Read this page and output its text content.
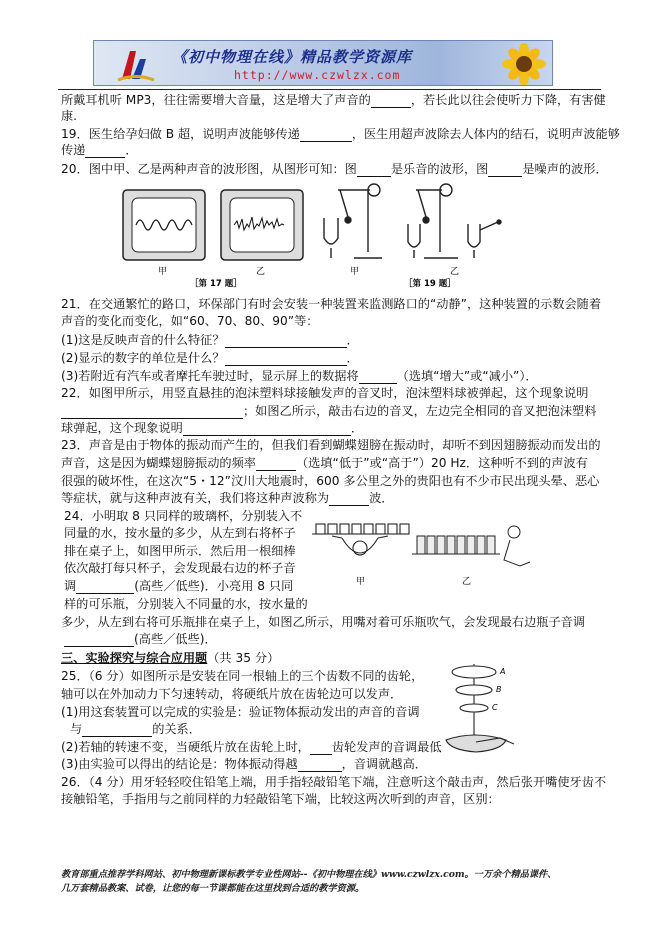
《初中物理在线》精品教学资源库
http://www.czwlzx.com
所戴耳机听 MP3，往往需要增大音量，这是增大了声音的	，若长此以往会使听力下降，有害健
康.
19．医生给孕妇做 B 超，说明声波能够传递	，医生用超声波除去人体内的结石，说明声波能够
传递	．
20．图中甲、乙是两种声音的波形图，从图形可知：图	是乐音的波形，图	是噪声的波形．
甲	乙
［第 17 题］
甲	乙
［第 19 题］
21．在交通繁忙的路口，环保部门有时会安装一种装置来监测路口的“动静”，这种装置的示数会随着
声音的变化而变化，如“60、70、80、90”等：
(1)这是反映声音的什么特征？	．
(2)显示的数字的单位是什么？	．
(3)若附近有汽车或者摩托车驶过时，显示屏上的数据将	（选填“增大”或“减小”）．
22．如图甲所示，用竖直悬挂的泡沫塑料球接触发声的音叉时，泡沫塑料球被弹起，这个现象说明
；如图乙所示，敲击右边的音叉，左边完全相同的音叉把泡沫塑料
球弹起，这个现象说明	．
23．声音是由于物体的振动而产生的，但我们看到蝴蝶翅膀在振动时，却听不到因翅膀振动而发出的
声音，这是因为蝴蝶翅膀振动的频率	（选填“低于”或“高于”）20 Hz．这种听不到的声波有
很强的破坏性，在这次“5・12”汶川大地震时，600 多公里之外的贵阳也有不少市民出现头晕、恶心
等症状，就与这种声波有关，我们将这种声波称为	波．
24．小明取 8 只同样的玻璃杯，分别装入不
同量的水，按水量的多少，从左到右将杯子
排在桌子上，如图甲所示．然后用一根细棒
依次敲打每只杯子，会发现最右边的杯子音
调	(高些／低些)．小亮用 8 只同
样的可乐瓶，分别装入不同量的水，按水量的
甲	乙
多少，从左到右将可乐瓶排在桌子上，如图乙所示，用嘴对着可乐瓶吹气，会发现最右边瓶子音调
(高些／低些)．
三、实验探究与综合应用题（共 35 分）
25．（6 分）如图所示是安装在同一根轴上的三个齿数不同的齿轮，
轴可以在外加动力下匀速转动，将硬纸片放在齿轮边可以发声．
(1)用这套装置可以完成的实验是：验证物体振动发出的声音的音调
与	的关系．
(2)若轴的转速不变，当硬纸片放在齿轮上时， 齿轮发声的音调最低
(3)由实验可以得出的结论是：物体振动得越	，音调就越高．
A
B
C
26．（4 分）用牙轻轻咬住铅笔上端，用手指轻敲铅笔下端，注意听这个敲击声，然后张开嘴使牙齿不
接触铅笔，手指用与之前同样的力轻敲铅笔下端，比较这两次听到的声音，区别：
教育部重点推荐学科网站、初中物理新课标教学专业性网站--《初中物理在线》www.czwlzx.com。一万余个精品课件、
几万套精品教案、试卷，让您的每一节课都能在这里找到合适的教学资源。
